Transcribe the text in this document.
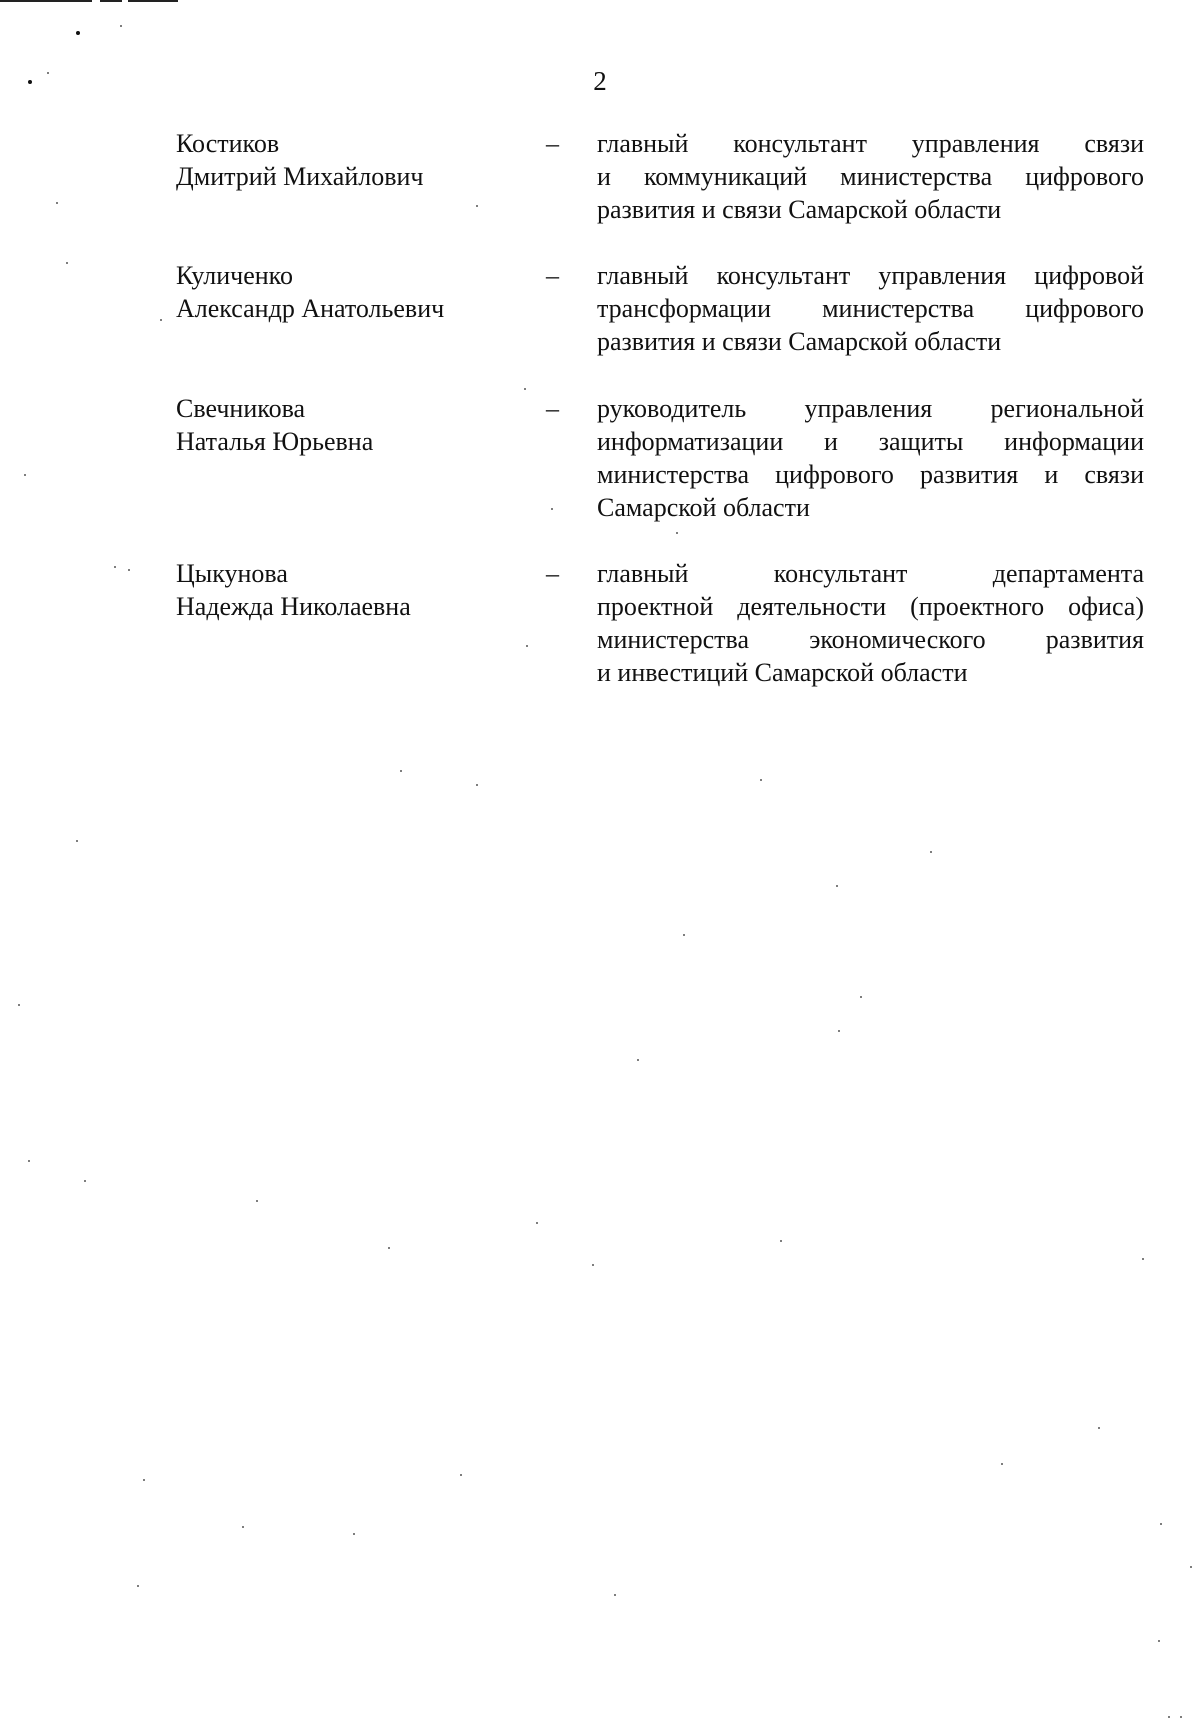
2
Костиков
Дмитрий Михайлович
– главный консультант управления связи
и коммуникаций министерства цифрового
развития и связи Самарской области
Куличенко
Александр Анатольевич
– главный консультант управления цифровой
трансформации министерства цифрового
развития и связи Самарской области
Свечникова
Наталья Юрьевна
– руководитель управления региональной
информатизации и защиты информации
министерства цифрового развития и связи
Самарской области
Цыкунова
Надежда Николаевна
– главный консультант департамента
проектной деятельности (проектного офиса)
министерства экономического развития
и инвестиций Самарской области
